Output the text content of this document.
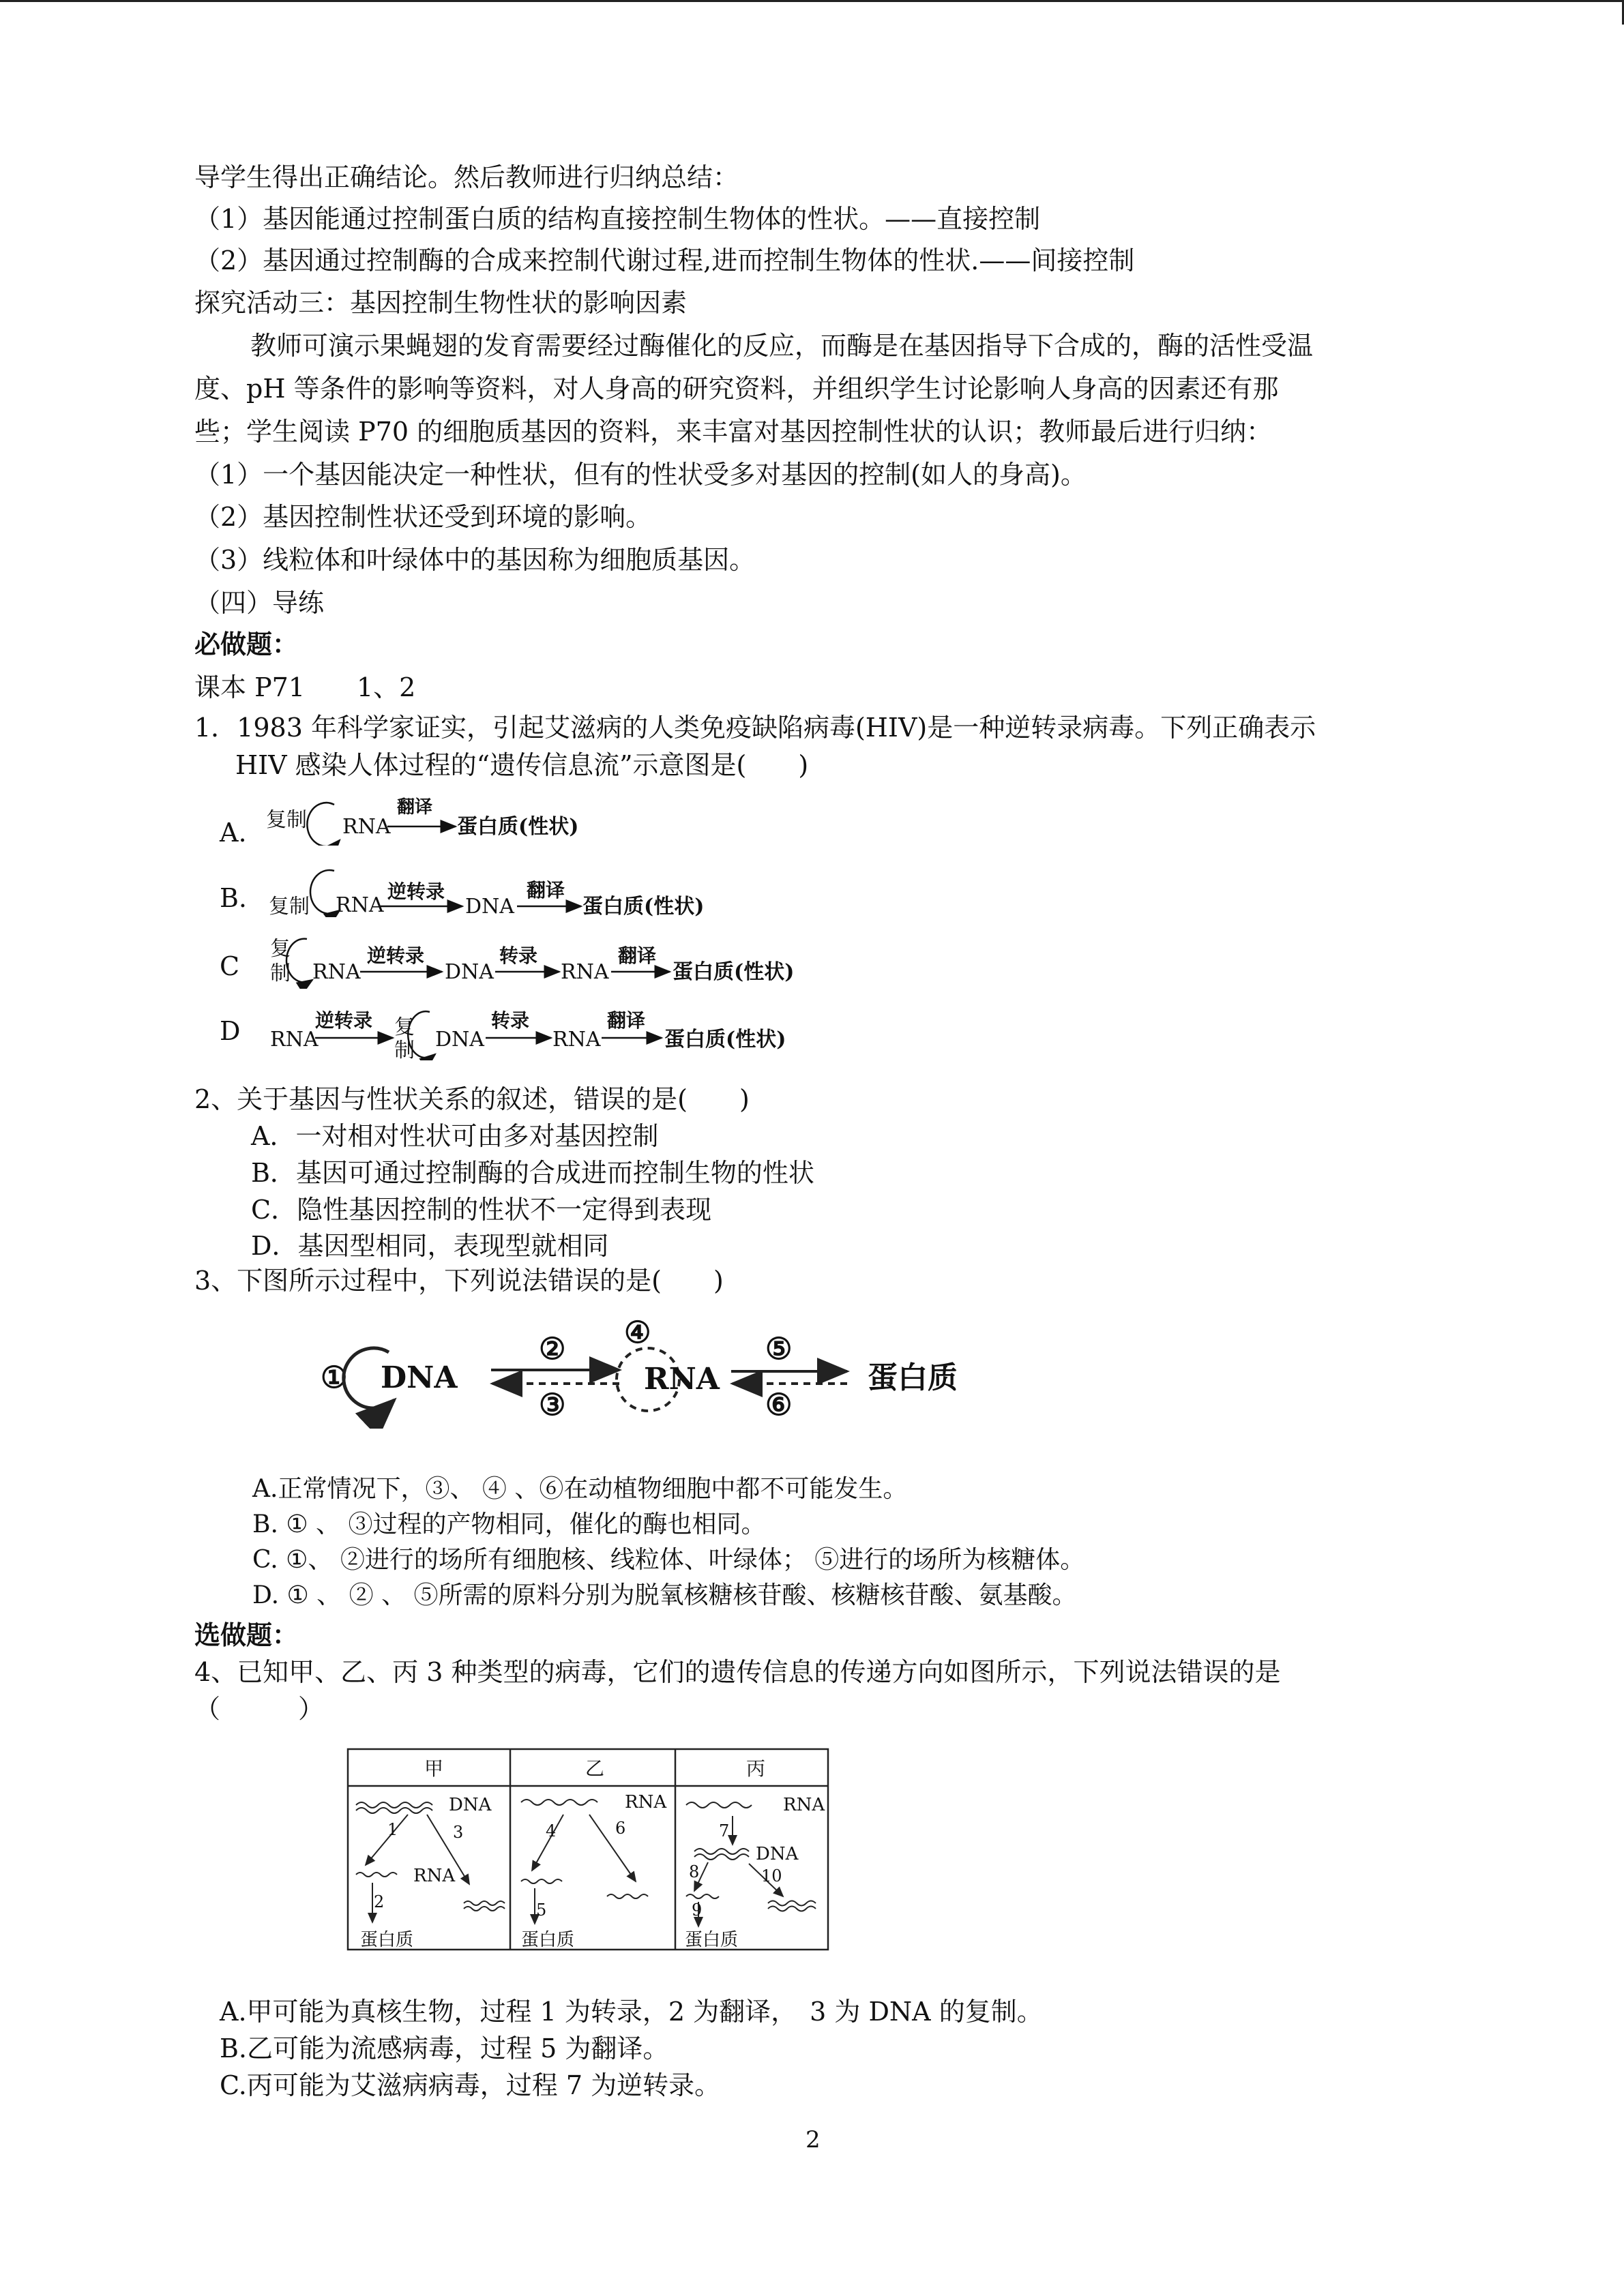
导学生得出正确结论。然后教师进行归纳总结：
（1）基因能通过控制蛋白质的结构直接控制生物体的性状。——直接控制
（2）基因通过控制酶的合成来控制代谢过程,进而控制生物体的性状.——间接控制
探究活动三：基因控制生物性状的影响因素
教师可演示果蝇翅的发育需要经过酶催化的反应，而酶是在基因指导下合成的，酶的活性受温
度、pH 等条件的影响等资料，对人身高的研究资料，并组织学生讨论影响人身高的因素还有那
些；学生阅读 P70 的细胞质基因的资料，来丰富对基因控制性状的认识；教师最后进行归纳：
（1）一个基因能决定一种性状，但有的性状受多对基因的控制(如人的身高)。
（2）基因控制性状还受到环境的影响。
（3）线粒体和叶绿体中的基因称为细胞质基因。
（四）导练
必做题：
课本 P71　　1、2
1．1983 年科学家证实，引起艾滋病的人类免疫缺陷病毒(HIV)是一种逆转录病毒。下列正确表示
HIV 感染人体过程的“遗传信息流”示意图是(　　)
A.
B.
C
D
复制 RNA
翻译
蛋白质(性状)
复制 RNA
逆转录
DNA
翻译
蛋白质(性状)
复
制 RNA
逆转录
DNA
转录
RNA
翻译
蛋白质(性状)
RNA
逆转录 复
制 DNA
转录
RNA
翻译
蛋白质(性状)
2、关于基因与性状关系的叙述，错误的是(　　)
A．一对相对性状可由多对基因控制
B．基因可通过控制酶的合成进而控制生物的性状
C．隐性基因控制的性状不一定得到表现
D．基因型相同，表现型就相同
3、下图所示过程中，下列说法错误的是(　　)
① DNA
②
③
④
RNA
⑤
⑥
蛋白质
A.正常情况下，③、 ④ 、⑥在动植物细胞中都不可能发生。
B. ① 、 ③过程的产物相同，催化的酶也相同。
C. ①、 ②进行的场所有细胞核、线粒体、叶绿体； ⑤进行的场所为核糖体。
D. ① 、 ② 、 ⑤所需的原料分别为脱氧核糖核苷酸、核糖核苷酸、氨基酸。
选做题：
4、已知甲、乙、丙 3 种类型的病毒，它们的遗传信息的传递方向如图所示，下列说法错误的是
（　　　）
甲	乙	丙
DNA
1	3
RNA
2
蛋白质
RNA
4	6
5
蛋白质
RNA
7
DNA
8	10
9
蛋白质
A.甲可能为真核生物，过程 1 为转录，2 为翻译，　3 为 DNA 的复制。
B.乙可能为流感病毒，过程 5 为翻译。
C.丙可能为艾滋病病毒，过程 7 为逆转录。
2
